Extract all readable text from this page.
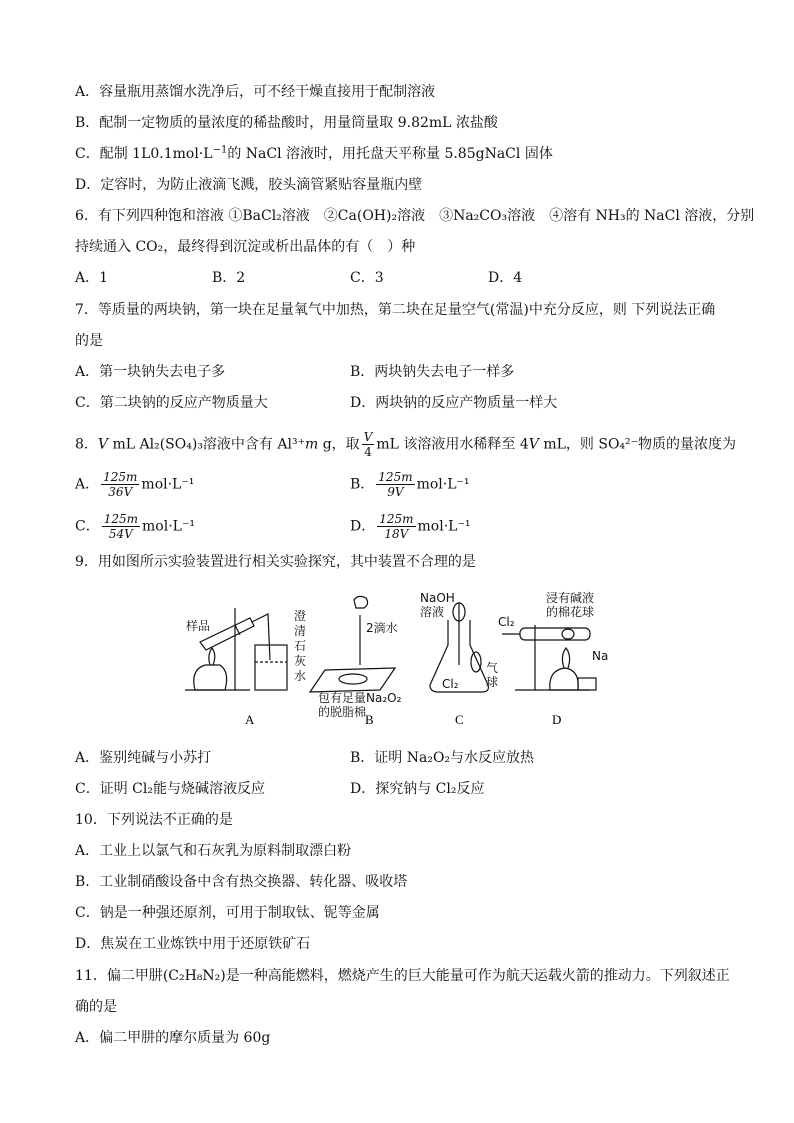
A．容量瓶用蒸馏水洗净后，可不经干燥直接用于配制溶液
B．配制一定物质的量浓度的稀盐酸时，用量筒量取 9.82mL 浓盐酸
C．配制 $1L0.1mol\cdot L^{-1}$的 NaCl 溶液时，用托盘天平称量 5.85gNaCl 固体
D．定容时，为防止液滴飞溅，胶头滴管紧贴容量瓶内壁
6．有下列四种饱和溶液 ①BaCl₂溶液　②Ca(OH)₂溶液　③Na₂CO₃溶液　④溶有 NH₃的 NaCl 溶液，分别
持续通入 CO₂，最终得到沉淀或析出晶体的有（　）种
A．1	B．2	C．3	D．4
7．等质量的两块钠，第一块在足量氧气中加热，第二块在足量空气(常温)中充分反应，则 下列说法正确
的是
A．第一块钠失去电子多	B．两块钠失去电子一样多
C．第二块钠的反应产物质量大	D．两块钠的反应产物质量一样大
8．V mL Al₂(SO₄)₃溶液中含有 Al³⁺m g，取 $\frac{V}{4}$ mL 该溶液用水稀释至 4V mL，则 SO₄²⁻物质的量浓度为
A． $\frac{125m}{36V} mol\cdot L^{-1}$	B． $\frac{125m}{9V} mol\cdot L^{-1}$
C． $\frac{125m}{54V} mol\cdot L^{-1}$	D． $\frac{125m}{18V} mol\cdot L^{-1}$
9．用如图所示实验装置进行相关实验探究，其中装置不合理的是
样品
澄
清
石
灰
水
2滴水
包有足量Na₂O₂
的脱脂棉
NaOH
溶液
Cl₂
气
球
Cl₂
浸有碱液
的棉花球
Na
A	B	C	D
A．鉴别纯碱与小苏打	B．证明 Na₂O₂与水反应放热
C．证明 Cl₂能与烧碱溶液反应	D．探究钠与 Cl₂反应
10．下列说法不正确的是
A．工业上以氯气和石灰乳为原料制取漂白粉
B．工业制硝酸设备中含有热交换器、转化器、吸收塔
C．钠是一种强还原剂，可用于制取钛、铌等金属
D．焦炭在工业炼铁中用于还原铁矿石
11．偏二甲肼(C₂H₈N₂)是一种高能燃料，燃烧产生的巨大能量可作为航天运载火箭的推动力。下列叙述正
确的是
A．偏二甲肼的摩尔质量为 60g
